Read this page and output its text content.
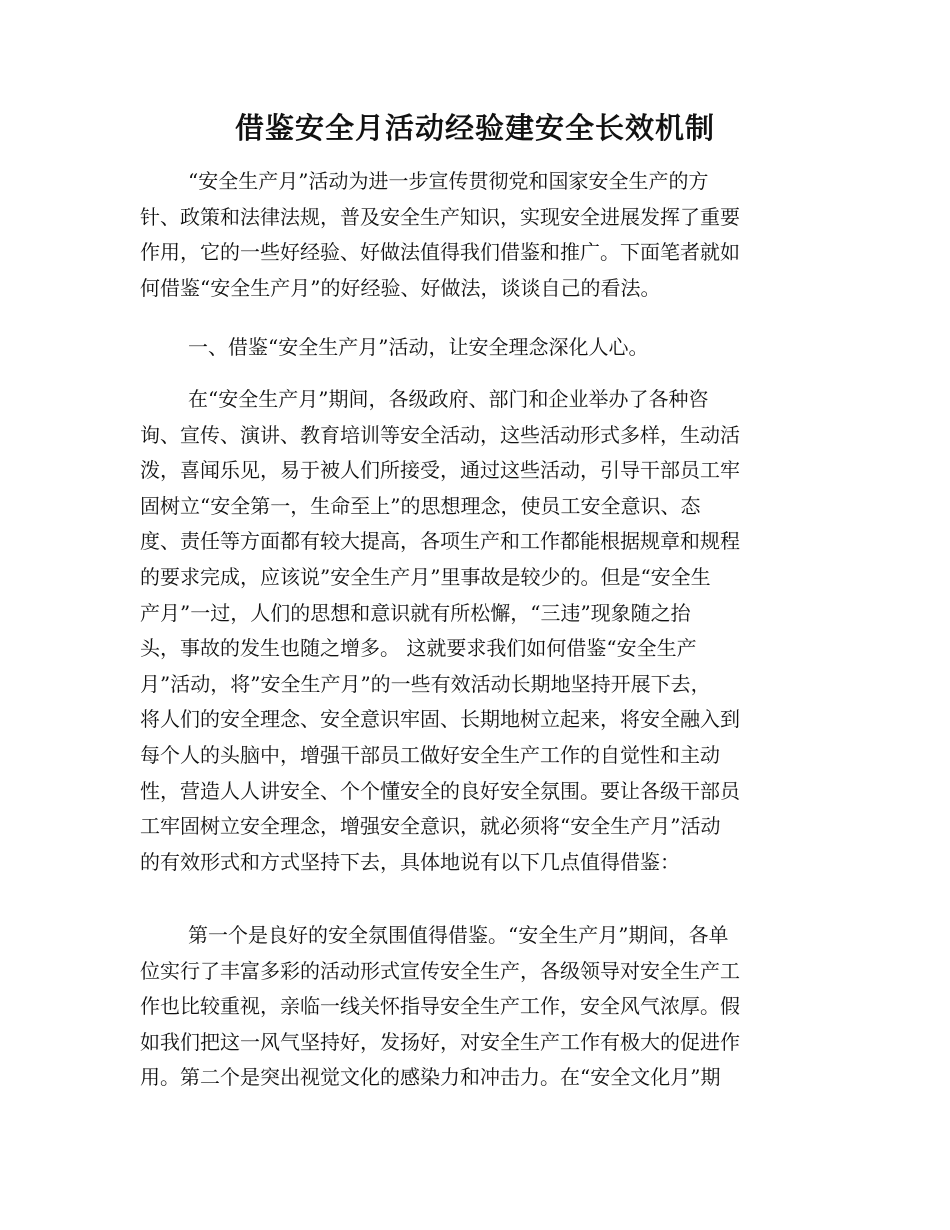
借鉴安全月活动经验建安全长效机制
“安全生产月”活动为进一步宣传贯彻党和国家安全生产的方
针、政策和法律法规，普及安全生产知识，实现安全进展发挥了重要
作用，它的一些好经验、好做法值得我们借鉴和推广。下面笔者就如
何借鉴“安全生产月”的好经验、好做法，谈谈自己的看法。
一、借鉴“安全生产月”活动，让安全理念深化人心。
在“安全生产月”期间，各级政府、部门和企业举办了各种咨
询、宣传、演讲、教育培训等安全活动，这些活动形式多样，生动活
泼，喜闻乐见，易于被人们所接受，通过这些活动，引导干部员工牢
固树立“安全第一，生命至上”的思想理念，使员工安全意识、态
度、责任等方面都有较大提高，各项生产和工作都能根据规章和规程
的要求完成，应该说”安全生产月”里事故是较少的。但是“安全生
产月”一过，人们的思想和意识就有所松懈，“三违”现象随之抬
头，事故的发生也随之增多。 这就要求我们如何借鉴“安全生产
月”活动，将”安全生产月”的一些有效活动长期地坚持开展下去，
将人们的安全理念、安全意识牢固、长期地树立起来，将安全融入到
每个人的头脑中，增强干部员工做好安全生产工作的自觉性和主动
性，营造人人讲安全、个个懂安全的良好安全氛围。要让各级干部员
工牢固树立安全理念，增强安全意识，就必须将“安全生产月”活动
的有效形式和方式坚持下去，具体地说有以下几点值得借鉴：
第一个是良好的安全氛围值得借鉴。“安全生产月”期间，各单
位实行了丰富多彩的活动形式宣传安全生产，各级领导对安全生产工
作也比较重视，亲临一线关怀指导安全生产工作，安全风气浓厚。假
如我们把这一风气坚持好，发扬好，对安全生产工作有极大的促进作
用。第二个是突出视觉文化的感染力和冲击力。在“安全文化月”期
